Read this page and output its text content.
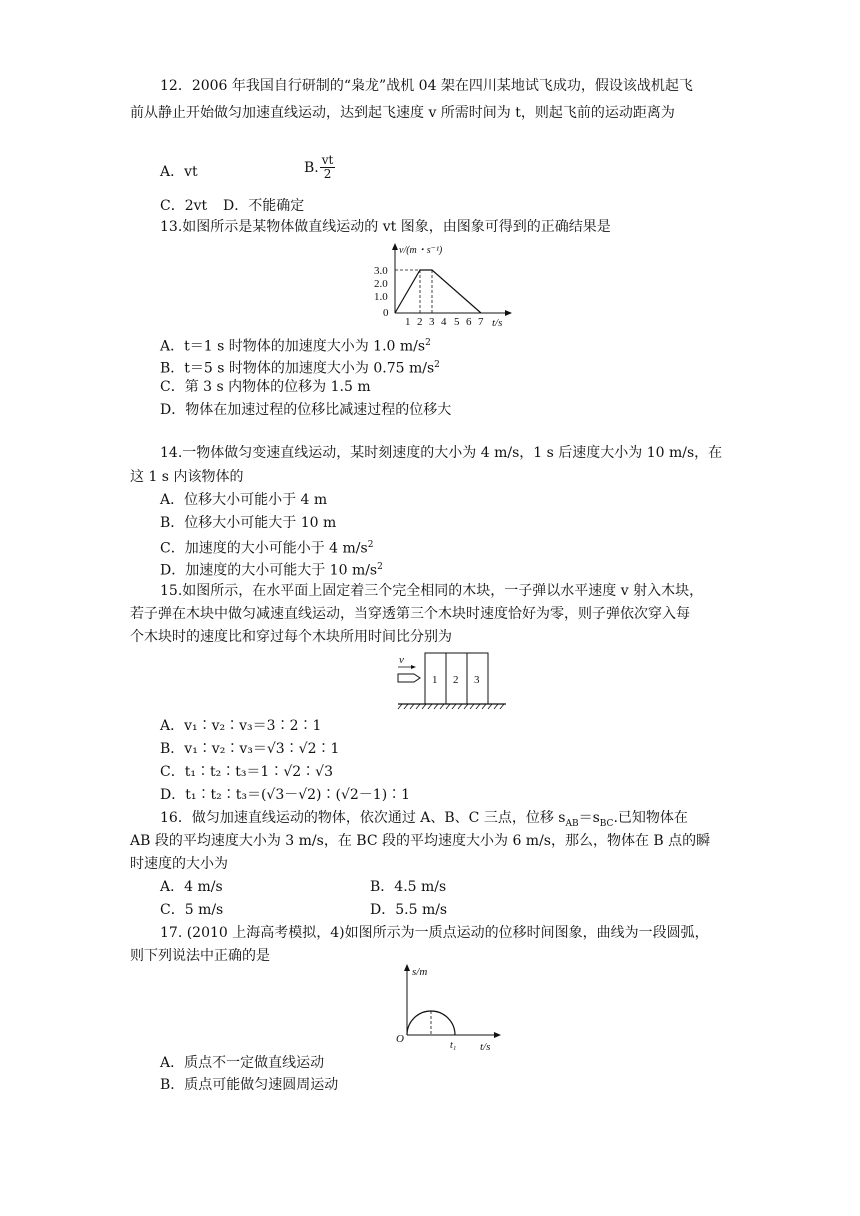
12．2006 年我国自行研制的“枭龙”战机 04 架在四川某地试飞成功，假设该战机起飞
前从静止开始做匀加速直线运动，达到起飞速度 v 所需时间为 t，则起飞前的运动距离为
A．vt	B. $\frac{vt}{2}$
C．2vt D．不能确定
13.如图所示是某物体做直线运动的 vt 图象，由图象可得到的正确结果是
v/(m・s⁻¹)
3.0
2.0
1.0
0
1 2 3 4 5 6 7 t/s
A．t＝1 s 时物体的加速度大小为 1.0 $m/s^2$
B．t＝5 s 时物体的加速度大小为 0.75 $m/s^2$
C．第 3 s 内物体的位移为 1.5 m
D．物体在加速过程的位移比减速过程的位移大
14.一物体做匀变速直线运动，某时刻速度的大小为 4 m/s，1 s 后速度大小为 10 m/s，在
这 1 s 内该物体的
A．位移大小可能小于 4 m
B．位移大小可能大于 10 m
C．加速度的大小可能小于 4 $m/s^2$
D．加速度的大小可能大于 10 $m/s^2$
15.如图所示，在水平面上固定着三个完全相同的木块，一子弹以水平速度 v 射入木块，
若子弹在木块中做匀减速直线运动，当穿透第三个木块时速度恰好为零，则子弹依次穿入每
个木块时的速度比和穿过每个木块所用时间比分别为
v
1 2 3
A．v₁∶v₂∶v₃＝3∶2∶1
B．v₁∶v₂∶v₃＝√3∶√2∶1
C．t₁∶t₂∶t₃＝1∶√2∶√3
D．t₁∶t₂∶t₃＝(√3－√2)∶(√2－1)∶1
16．做匀加速直线运动的物体，依次通过 A、B、C 三点，位移 $s_{AB}=s_{BC}$.已知物体在
AB 段的平均速度大小为 3 m/s，在 BC 段的平均速度大小为 6 m/s，那么，物体在 B 点的瞬
时速度的大小为
A．4 m/s	B．4.5 m/s
C．5 m/s	D．5.5 m/s
17. (2010 上海高考模拟，4)如图所示为一质点运动的位移时间图象，曲线为一段圆弧，
则下列说法中正确的是
s/m
O
t₁ t/s
A．质点不一定做直线运动
B．质点可能做匀速圆周运动
